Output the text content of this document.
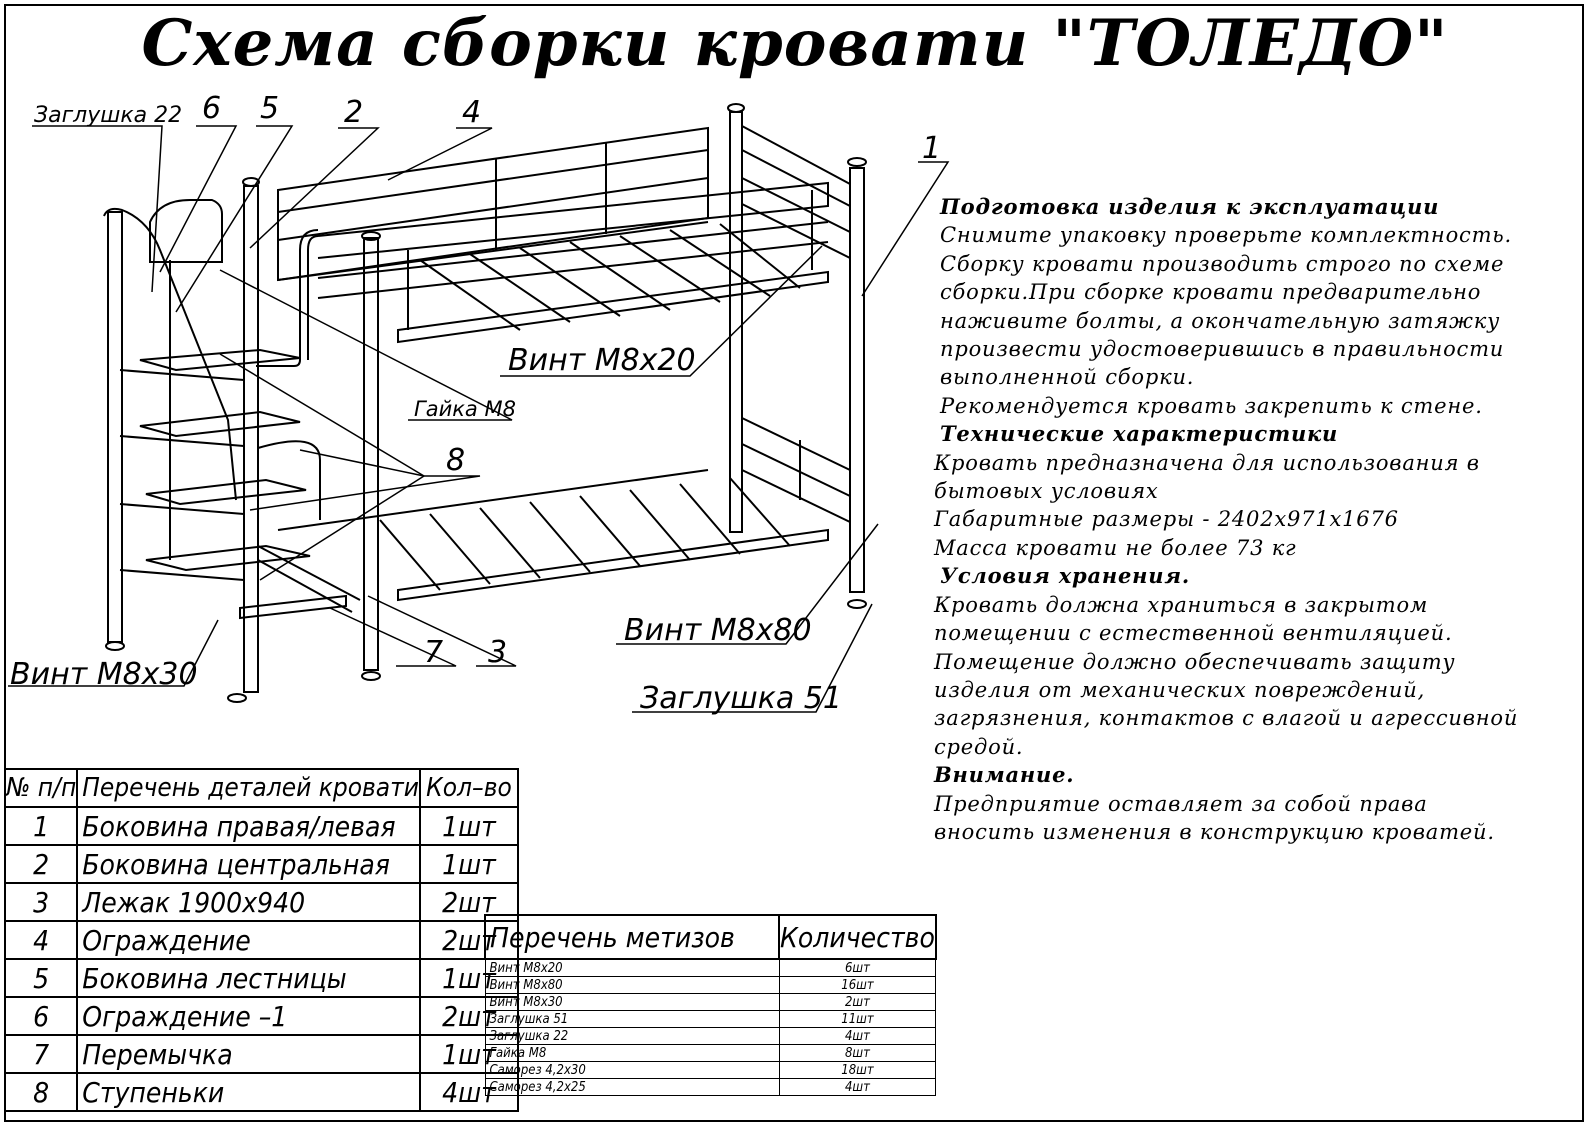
Схема сборки кровати "ТОЛЕДО"
Заглушка 22 6 5 2	4
1
Винт М8х20
Гайка М8
8
Винт М8х80
7 3
Винт М8х30
Заглушка 51
Подготовка изделия к эксплуатации
Снимите упаковку проверьте комплектность.
Сборку кровати производить строго по схеме
сборки.При сборке кровати предварительно
наживите болты, а окончательную затяжку
произвести удостоверившись в правильности
выполненной сборки.
Рекомендуется кровать закрепить к стене.
Технические характеристики
Кровать предназначена для использования в
бытовых условиях
Габаритные размеры - 2402х971х1676
Масса кровати не более 73 кг
Условия хранения.
Кровать должна храниться в закрытом
помещении с естественной вентиляцией.
Помещение должно обеспечивать защиту
изделия от механических повреждений,
загрязнения, контактов с влагой и агрессивной
средой.
Внимание.
Предприятие оставляет за собой права
вносить изменения в конструкцию кроватей.
№ п/п	Перечень деталей кровати	Кол–во
1	Боковина правая/левая	1шт
2	Боковина центральная	1шт
3	Лежак 1900х940	2шт
4	Ограждение	2шт
5	Боковина лестницы	1шт
6	Ограждение –1	2шт
7	Перемычка	1шт
8	Ступеньки	4шт
Перечень метизов	Количество
Винт М8х20	6шт
Винт М8х80	16шт
Винт М8х30	2шт
Заглушка 51	11шт
Заглушка 22	4шт
Гайка М8	8шт
Саморез 4,2х30	18шт
Саморез 4,2х25	4шт
